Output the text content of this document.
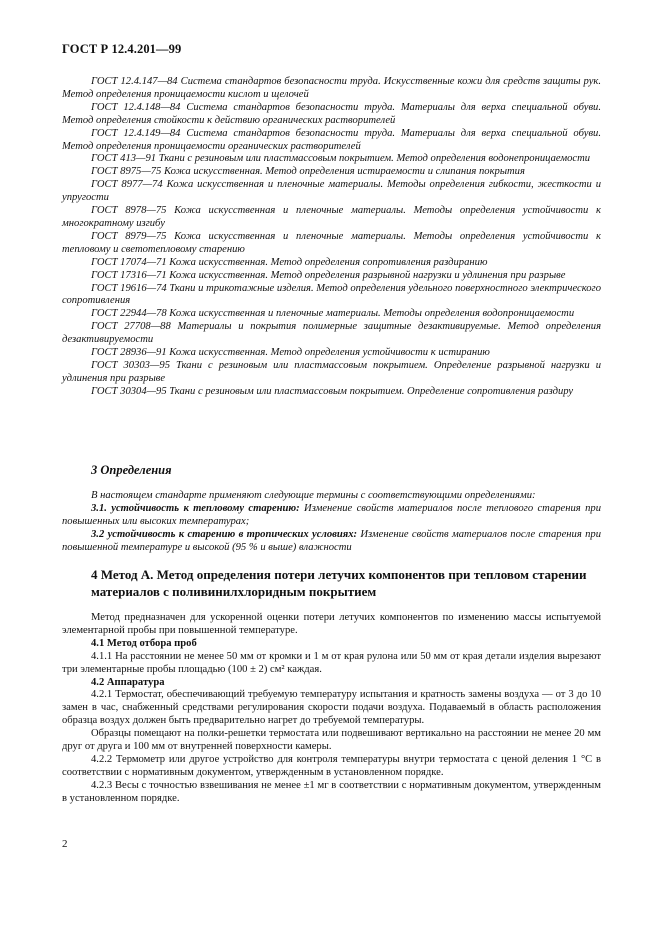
ГОСТ Р 12.4.201—99

ГОСТ 12.4.147—84 Система стандартов безопасности труда. Искусственные кожи для средств защиты рук. Метод определения проницаемости кислот и щелочей

ГОСТ 12.4.148—84 Система стандартов безопасности труда. Материалы для верха специальной обуви. Метод определения стойкости к действию органических растворителей

ГОСТ 12.4.149—84 Система стандартов безопасности труда. Материалы для верха специальной обуви. Метод определения проницаемости органических растворителей

ГОСТ 413—91 Ткани с резиновым или пластмассовым покрытием. Метод определения водонепроницаемости

ГОСТ 8975—75 Кожа искусственная. Метод определения истираемости и слипания покрытия

ГОСТ 8977—74 Кожа искусственная и пленочные материалы. Методы определения гибкости, жесткости и упругости

ГОСТ 8978—75 Кожа искусственная и пленочные материалы. Методы определения устойчивости к многократному изгибу

ГОСТ 8979—75 Кожа искусственная и пленочные материалы. Методы определения устойчивости к тепловому и светотепловому старению

ГОСТ 17074—71 Кожа искусственная. Метод определения сопротивления раздиранию

ГОСТ 17316—71 Кожа искусственная. Метод определения разрывной нагрузки и удлинения при разрыве

ГОСТ 19616—74 Ткани и трикотажные изделия. Метод определения удельного поверхностного электрического сопротивления

ГОСТ 22944—78 Кожа искусственная и пленочные материалы. Методы определения водопроницаемости

ГОСТ 27708—88 Материалы и покрытия полимерные защитные дезактивируемые. Метод определения дезактивируемости

ГОСТ 28936—91 Кожа искусственная. Метод определения устойчивости к истиранию

ГОСТ 30303—95 Ткани с резиновым или пластмассовым покрытием. Определение разрывной нагрузки и удлинения при разрыве

ГОСТ 30304—95 Ткани с резиновым или пластмассовым покрытием. Определение сопротивления раздиру

3 Определения

В настоящем стандарте применяют следующие термины с соответствующими определениями:

3.1. устойчивость к тепловому старению: Изменение свойств материалов после теплового старения при повышенных или высоких температурах;

3.2 устойчивость к старению в тропических условиях: Изменение свойств материалов после старения при повышенной температуре и высокой (95 % и выше) влажности

4 Метод А. Метод определения потери летучих компонентов при тепловом старении материалов с поливинилхлоридным покрытием

Метод предназначен для ускоренной оценки потери летучих компонентов по изменению массы испытуемой элементарной пробы при повышенной температуре.

4.1 Метод отбора проб

4.1.1 На расстоянии не менее 50 мм от кромки и 1 м от края рулона или 50 мм от края детали изделия вырезают три элементарные пробы площадью (100 ± 2) см² каждая.

4.2 Аппаратура

4.2.1 Термостат, обеспечивающий требуемую температуру испытания и кратность замены воздуха — от 3 до 10 замен в час, снабженный средствами регулирования скорости подачи воздуха. Подаваемый в область расположения образца воздух должен быть предварительно нагрет до требуемой температуры.

Образцы помещают на полки-решетки термостата или подвешивают вертикально на расстоянии не менее 20 мм друг от друга и 100 мм от внутренней поверхности камеры.

4.2.2 Термометр или другое устройство для контроля температуры внутри термостата с ценой деления 1 °С в соответствии с нормативным документом, утвержденным в установленном порядке.

4.2.3 Весы с точностью взвешивания не менее ±1 мг в соответствии с нормативным документом, утвержденным в установленном порядке.

2
